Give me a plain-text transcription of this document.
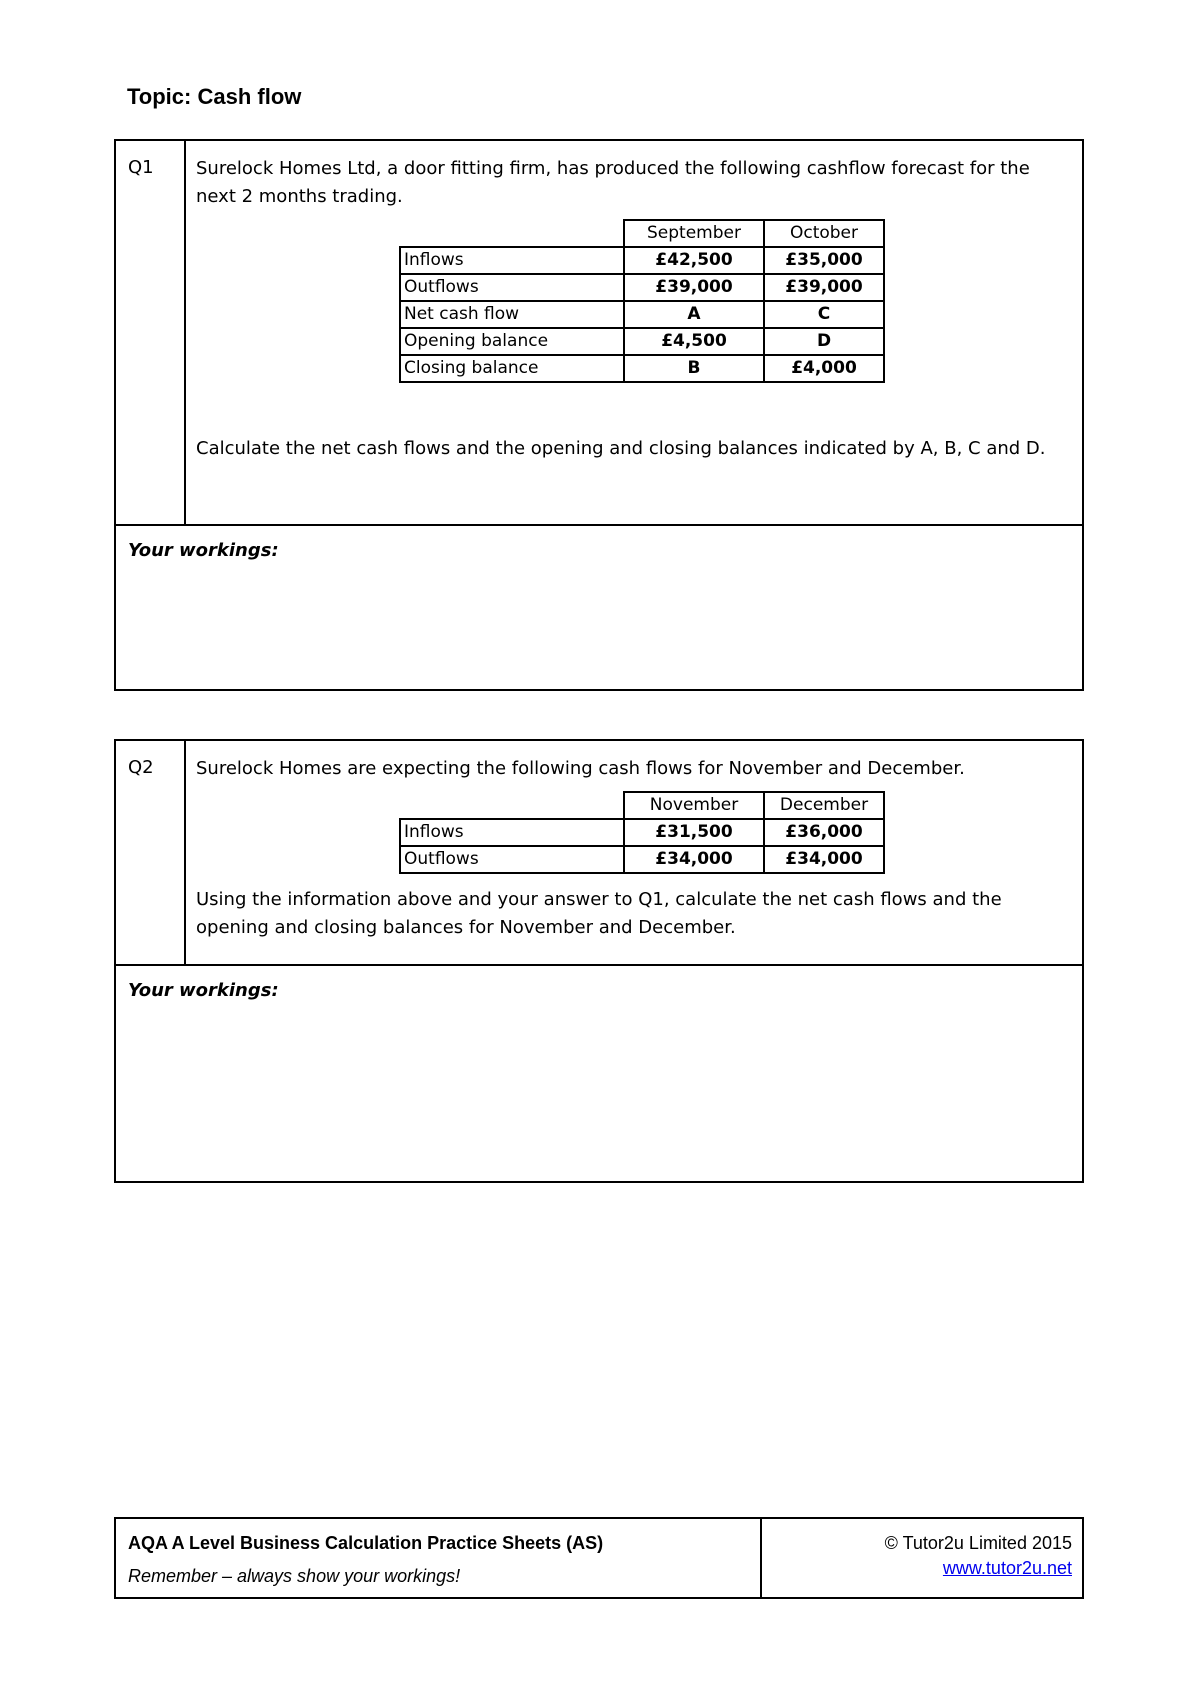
Topic: Cash flow
Q1	Surelock Homes Ltd, a door fitting firm, has produced the following cashflow forecast for the next 2 months trading.
	September	October
Inflows	£42,500	£35,000
Outflows	£39,000	£39,000
Net cash flow	A	C
Opening balance	£4,500	D
Closing balance	B	£4,000
Calculate the net cash flows and the opening and closing balances indicated by A, B, C and D.
Your workings:
Q2	Surelock Homes are expecting the following cash flows for November and December.
	November	December
Inflows	£31,500	£36,000
Outflows	£34,000	£34,000
Using the information above and your answer to Q1, calculate the net cash flows and the opening and closing balances for November and December.
Your workings:
AQA A Level Business Calculation Practice Sheets (AS)
Remember – always show your workings!
© Tutor2u Limited 2015
www.tutor2u.net
